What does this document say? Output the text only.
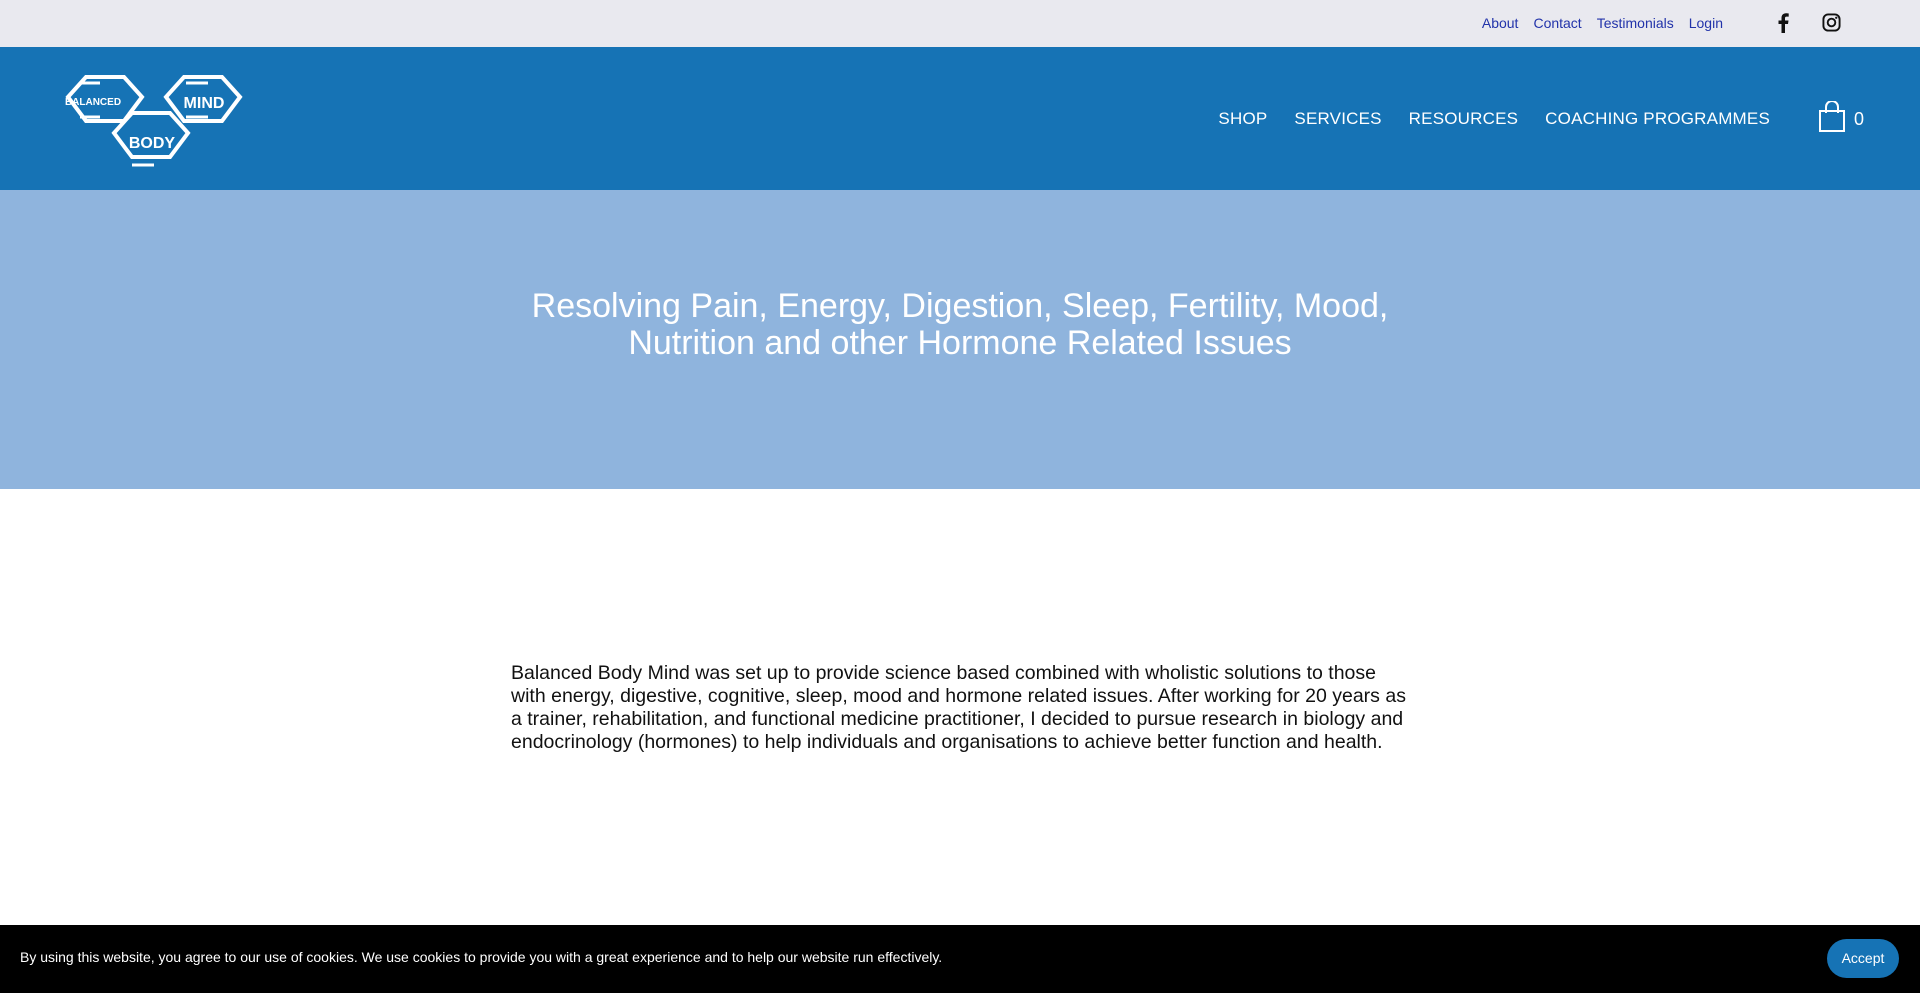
About Contact Testimonials Login
BALANCED
BODY
MIND
SHOP SERVICES RESOURCES COACHING PROGRAMMES	0
Resolving Pain, Energy, Digestion, Sleep, Fertility, Mood,
Nutrition and other Hormone Related Issues

Balanced Body Mind was set up to provide science based combined with wholistic solutions to those with energy, digestive, cognitive, sleep, mood and hormone related issues. After working for 20 years as a trainer, rehabilitation, and functional medicine practitioner, I decided to pursue research in biology and endocrinology (hormones) to help individuals and organisations to achieve better function and health.

By using this website, you agree to our use of cookies. We use cookies to provide you with a great experience and to help our website run effectively.	Accept
